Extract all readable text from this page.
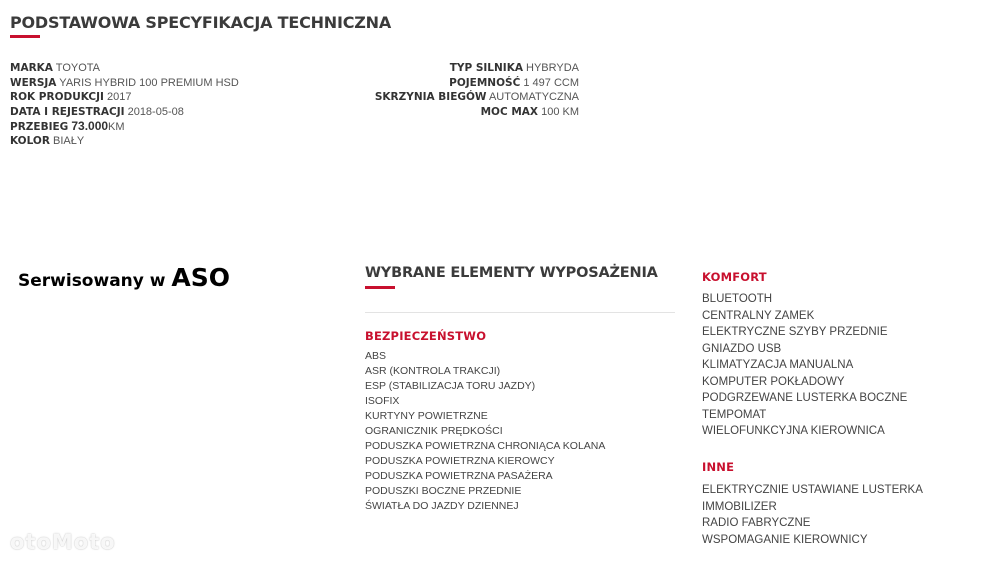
PODSTAWOWA SPECYFIKACJA TECHNICZNA
MARKA TOYOTA
WERSJA YARIS HYBRID 100 PREMIUM HSD
ROK PRODUKCJI 2017
DATA I REJESTRACJI 2018-05-08
PRZEBIEG 73.000KM
KOLOR BIAŁY
TYP SILNIKA HYBRYDA
POJEMNOŚĆ 1 497 CCM
SKRZYNIA BIEGÓW AUTOMATYCZNA
MOC MAX 100 KM
Serwisowany w ASO	WYBRANE ELEMENTY WYPOSAŻENIA
BEZPIECZEŃSTWO
ABS
ASR (KONTROLA TRAKCJI)
ESP (STABILIZACJA TORU JAZDY)
ISOFIX
KURTYNY POWIETRZNE
OGRANICZNIK PRĘDKOŚCI
PODUSZKA POWIETRZNA CHRONIĄCA KOLANA
PODUSZKA POWIETRZNA KIEROWCY
PODUSZKA POWIETRZNA PASAŻERA
PODUSZKI BOCZNE PRZEDNIE
ŚWIATŁA DO JAZDY DZIENNEJ
KOMFORT
BLUETOOTH
CENTRALNY ZAMEK
ELEKTRYCZNE SZYBY PRZEDNIE
GNIAZDO USB
KLIMATYZACJA MANUALNA
KOMPUTER POKŁADOWY
PODGRZEWANE LUSTERKA BOCZNE
TEMPOMAT
WIELOFUNKCYJNA KIEROWNICA
INNE
ELEKTRYCZNIE USTAWIANE LUSTERKA
IMMOBILIZER
RADIO FABRYCZNE
WSPOMAGANIE KIEROWNICY
otoMoto
